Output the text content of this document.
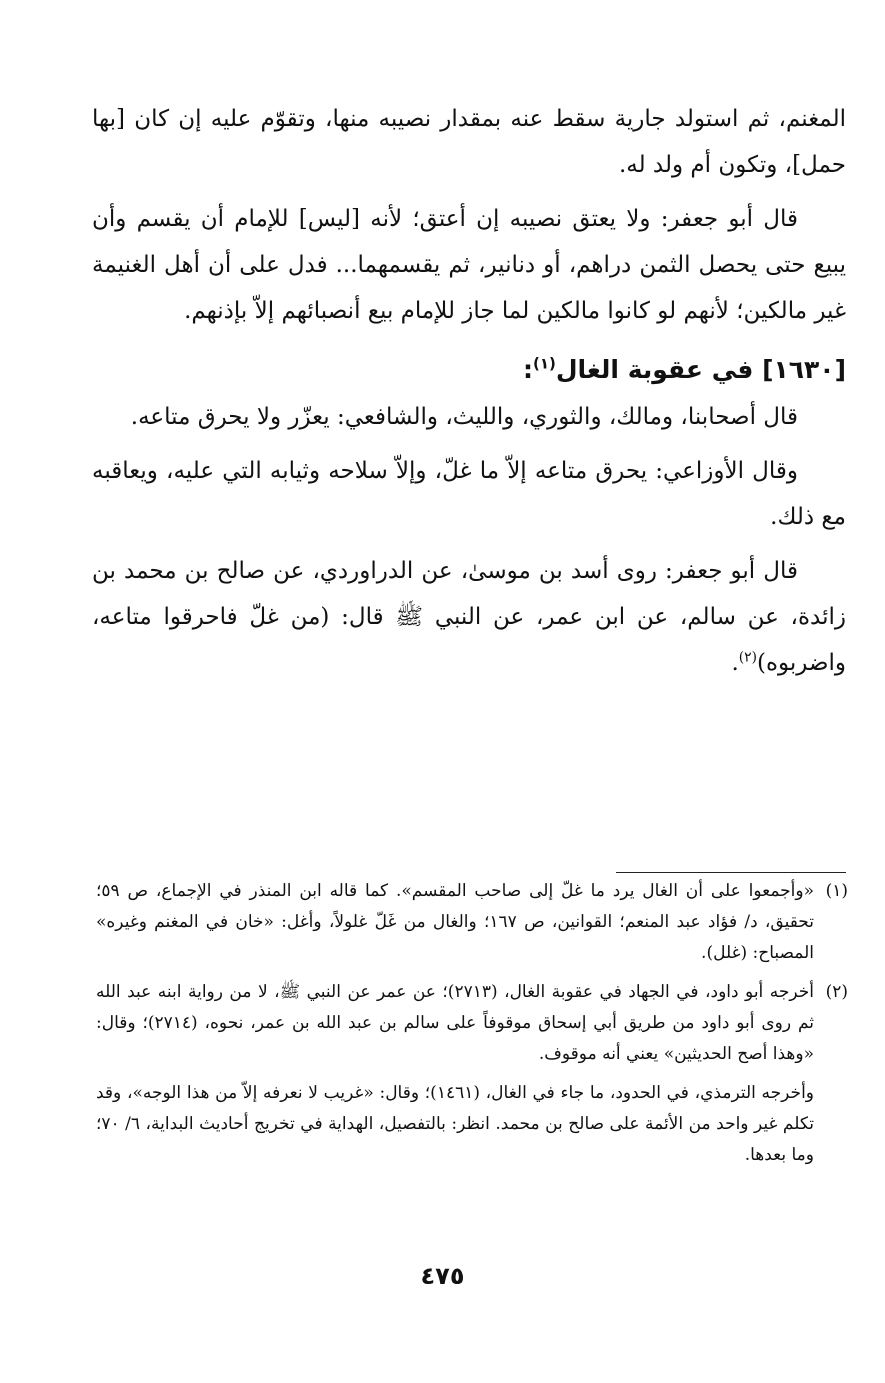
المغنم، ثم استولد جارية سقط عنه بمقدار نصيبه منها، وتقوّم عليه إن كان [بها حمل]، وتكون أم ولد له.

قال أبو جعفر: ولا يعتق نصيبه إن أعتق؛ لأنه [ليس] للإمام أن يقسم وأن يبيع حتى يحصل الثمن دراهم، أو دنانير، ثم يقسمهما... فدل على أن أهل الغنيمة غير مالكين؛ لأنهم لو كانوا مالكين لما جاز للإمام بيع أنصبائهم إلاّ بإذنهم.

[١٦٣٠] في عقوبة الغال$^{(١)}$:

قال أصحابنا، ومالك، والثوري، والليث، والشافعي: يعزّر ولا يحرق متاعه.

وقال الأوزاعي: يحرق متاعه إلاّ ما غلّ، وإلاّ سلاحه وثيابه التي عليه، ويعاقبه مع ذلك.

قال أبو جعفر: روى أسد بن موسىٰ، عن الدراوردي، عن صالح بن محمد بن زائدة، عن سالم، عن ابن عمر، عن النبي ﷺ قال: (من غلّ فاحرقوا متاعه، واضربوه)$^{(٢)}$.

(١)
«وأجمعوا على أن الغال يرد ما غلّ إلى صاحب المقسم». كما قاله ابن المنذر في الإجماع، ص ٥٩؛ تحقيق، د/ فؤاد عبد المنعم؛ القوانين، ص ١٦٧؛ والغال من غَلّ غلولاً، وأغل: «خان في المغنم وغيره» المصباح: (غلل).
(٢)
أخرجه أبو داود، في الجهاد في عقوبة الغال، (٢٧١٣)؛ عن عمر عن النبي ﷺ، لا من رواية ابنه عبد الله ثم روى أبو داود من طريق أبي إسحاق موقوفاً على سالم بن عبد الله بن عمر، نحوه، (٢٧١٤)؛ وقال: «وهذا أصح الحديثين» يعني أنه موقوف.

وأخرجه الترمذي، في الحدود، ما جاء في الغال، (١٤٦١)؛ وقال: «غريب لا نعرفه إلاّ من هذا الوجه»، وقد تكلم غير واحد من الأئمة على صالح بن محمد. انظر: بالتفصيل، الهداية في تخريج أحاديث البداية، ٦/ ٧٠؛ وما بعدها.

٤٧٥
